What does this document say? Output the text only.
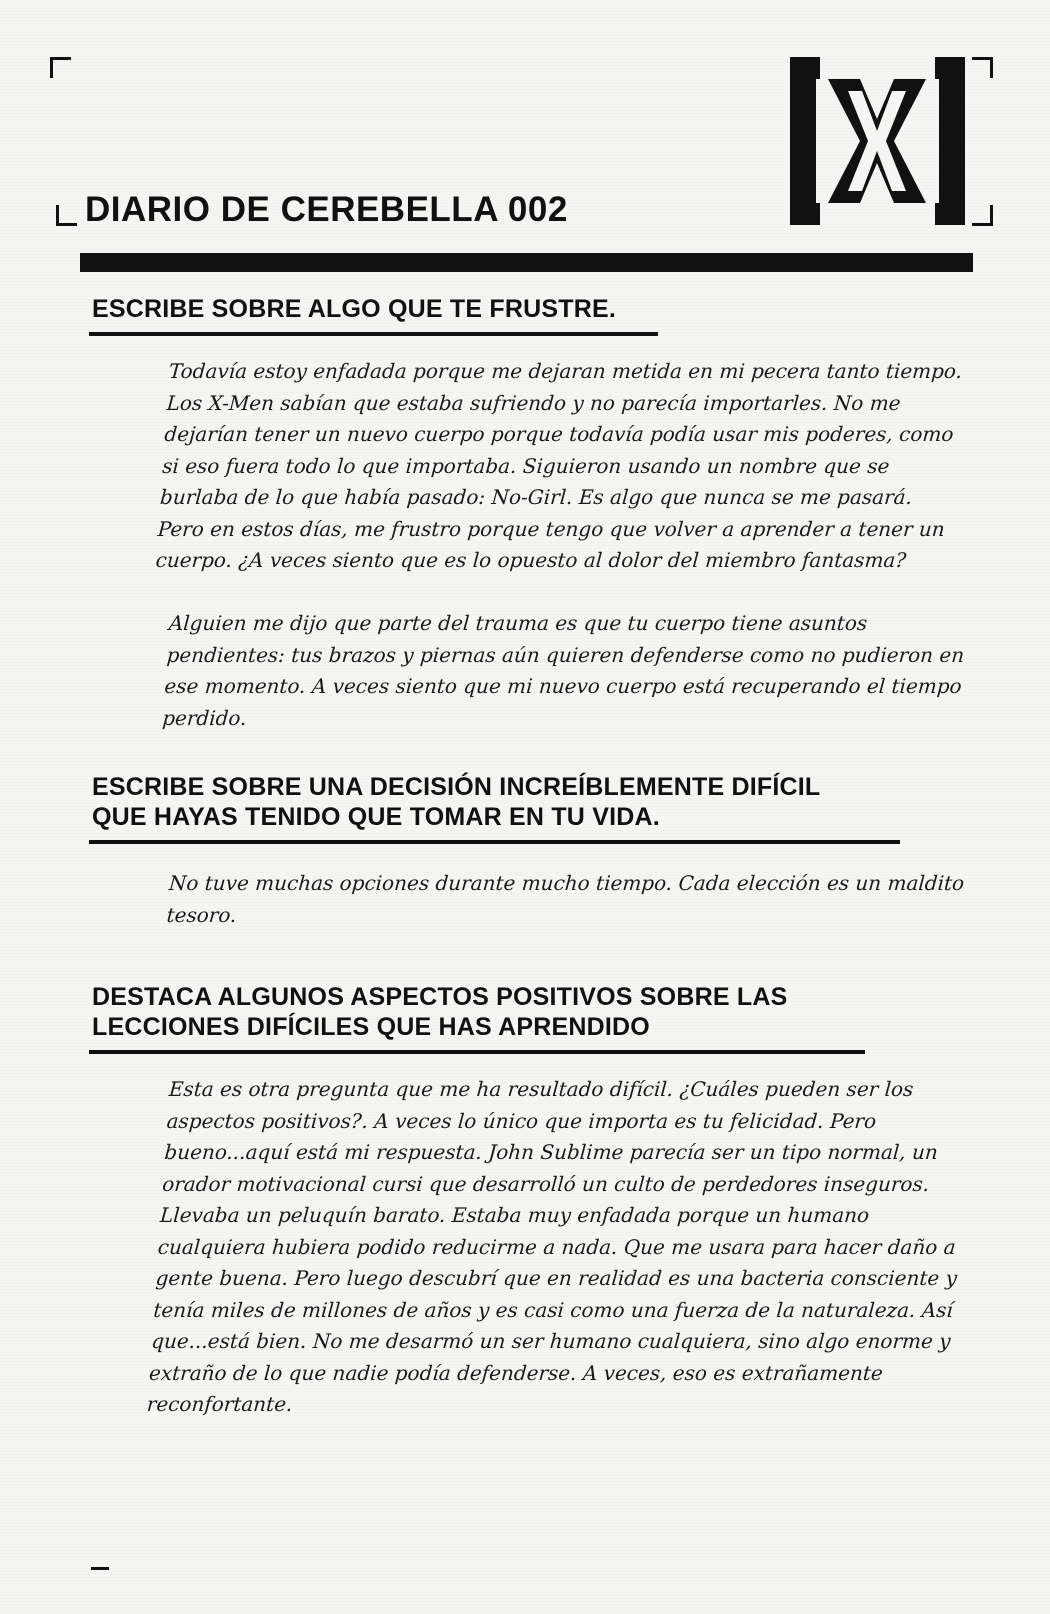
DIARIO DE CEREBELLA 002
ESCRIBE SOBRE ALGO QUE TE FRUSTRE.

Todavía estoy enfadada porque me dejaran metida en mi pecera tanto tiempo. Los X-Men sabían que estaba sufriendo y no parecía importarles. No me dejarían tener un nuevo cuerpo porque todavía podía usar mis poderes, como si eso fuera todo lo que importaba. Siguieron usando un nombre que se burlaba de lo que había pasado: No-Girl. Es algo que nunca se me pasará. Pero en estos días, me frustro porque tengo que volver a aprender a tener un cuerpo. ¿A veces siento que es lo opuesto al dolor del miembro fantasma?

Alguien me dijo que parte del trauma es que tu cuerpo tiene asuntos pendientes: tus brazos y piernas aún quieren defenderse como no pudieron en ese momento. A veces siento que mi nuevo cuerpo está recuperando el tiempo perdido.

ESCRIBE SOBRE UNA DECISIÓN INCREÍBLEMENTE DIFÍCIL
QUE HAYAS TENIDO QUE TOMAR EN TU VIDA.

No tuve muchas opciones durante mucho tiempo. Cada elección es un maldito tesoro.

DESTACA ALGUNOS ASPECTOS POSITIVOS SOBRE LAS
LECCIONES DIFÍCILES QUE HAS APRENDIDO

Esta es otra pregunta que me ha resultado difícil. ¿Cuáles pueden ser los aspectos positivos?. A veces lo único que importa es tu felicidad. Pero bueno...aquí está mi respuesta. John Sublime parecía ser un tipo normal, un orador motivacional cursi que desarrolló un culto de perdedores inseguros. Llevaba un peluquín barato. Estaba muy enfadada porque un humano cualquiera hubiera podido reducirme a nada. Que me usara para hacer daño a gente buena. Pero luego descubrí que en realidad es una bacteria consciente y tenía miles de millones de años y es casi como una fuerza de la naturaleza. Así que...está bien. No me desarmó un ser humano cualquiera, sino algo enorme y extraño de lo que nadie podía defenderse. A veces, eso es extrañamente reconfortante.
